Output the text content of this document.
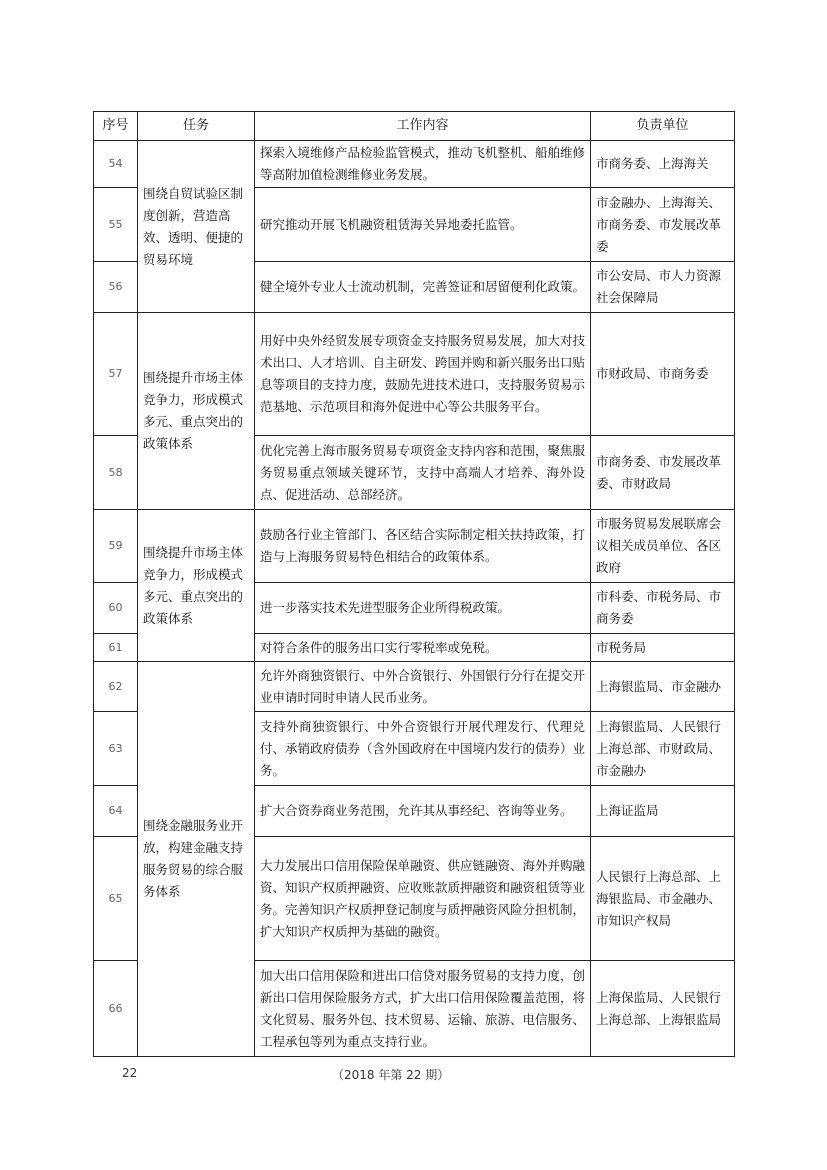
序号	任务	工作内容	负责单位
54	围绕自贸试验区制度创新，营造高效、透明、便捷的贸易环境	探索入境维修产品检验监管模式，推动飞机整机、船舶维修等高附加值检测维修业务发展。	市商务委、上海海关
55		研究推动开展飞机融资租赁海关异地委托监管。	市金融办、上海海关、市商务委、市发展改革委
56		健全境外专业人士流动机制，完善签证和居留便利化政策。	市公安局、市人力资源社会保障局
57	围绕提升市场主体竞争力，形成模式多元、重点突出的政策体系	用好中央外经贸发展专项资金支持服务贸易发展，加大对技术出口、人才培训、自主研发、跨国并购和新兴服务出口贴息等项目的支持力度，鼓励先进技术进口，支持服务贸易示范基地、示范项目和海外促进中心等公共服务平台。	市财政局、市商务委
58		优化完善上海市服务贸易专项资金支持内容和范围，聚焦服务贸易重点领域关键环节，支持中高端人才培养、海外设点、促进活动、总部经济。	市商务委、市发展改革委、市财政局
59	围绕提升市场主体竞争力，形成模式多元、重点突出的政策体系	鼓励各行业主管部门、各区结合实际制定相关扶持政策，打造与上海服务贸易特色相结合的政策体系。	市服务贸易发展联席会议相关成员单位、各区政府
60		进一步落实技术先进型服务企业所得税政策。	市科委、市税务局、市商务委
61		对符合条件的服务出口实行零税率或免税。	市税务局
62	围绕金融服务业开放，构建金融支持服务贸易的综合服务体系	允许外商独资银行、中外合资银行、外国银行分行在提交开业申请时同时申请人民币业务。	上海银监局、市金融办
63		支持外商独资银行、中外合资银行开展代理发行、代理兑付、承销政府债券（含外国政府在中国境内发行的债券）业务。	上海银监局、人民银行上海总部、市财政局、市金融办
64		扩大合资券商业务范围，允许其从事经纪、咨询等业务。	上海证监局
65		大力发展出口信用保险保单融资、供应链融资、海外并购融资、知识产权质押融资、应收账款质押融资和融资租赁等业务。完善知识产权质押登记制度与质押融资风险分担机制，扩大知识产权质押为基础的融资。	人民银行上海总部、上海银监局、市金融办、市知识产权局
66		加大出口信用保险和进出口信贷对服务贸易的支持力度，创新出口信用保险服务方式，扩大出口信用保险覆盖范围，将文化贸易、服务外包、技术贸易、运输、旅游、电信服务、工程承包等列为重点支持行业。	上海保监局、人民银行上海总部、上海银监局
22	（2018 年第 22 期）
